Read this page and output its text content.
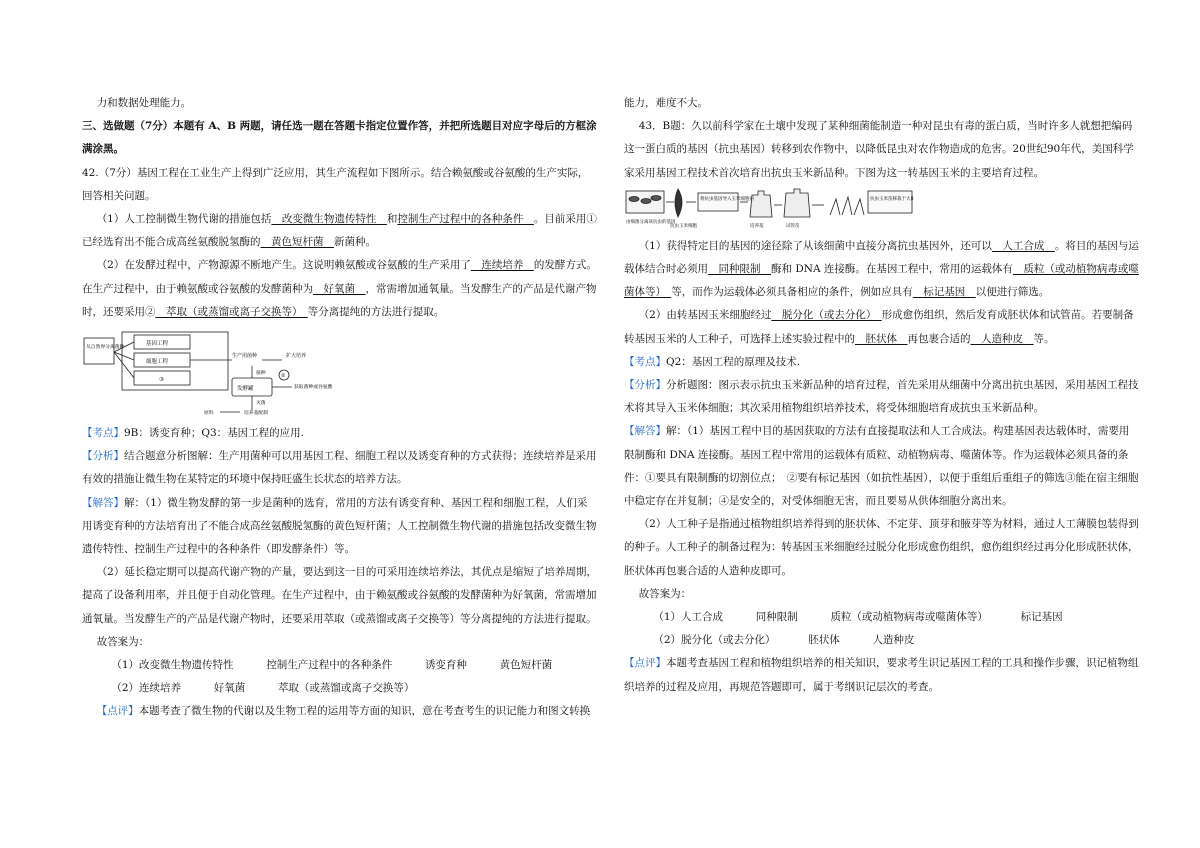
力和数据处理能力。

三、选做题（7分）本题有 A、B 两题，请任选一题在答题卡指定位置作答，并把所选题目对应字母后的方框涂满涂黑。

42.（7分）基因工程在工业生产上得到广泛应用，其生产流程如下图所示。结合赖氨酸或谷氨酸的生产实际，回答相关问题。

（1）人工控制微生物代谢的措施包括　改变微生物遗传特性　和控制生产过程中的各种条件　。目前采用①已经选育出不能合成高丝氨酸脱氢酶的　黄色短杆菌　新菌种。

（2）在发酵过程中，产物源源不断地产生。这说明赖氨酸或谷氨酸的生产采用了　连续培养　的发酵方式。在生产过程中，由于赖氨酸或谷氨酸的发酵菌种为　好氧菌　，常需增加通氧量。当发酵生产的产品是代谢产物时，还要采用②　萃取（或蒸馏或离子交换等）　等分离提纯的方法进行提取。

从自然界分离菌种
基因工程
细胞工程
③
生产用菌种	扩大培养
接种
发酵罐
②
获取菌种或谷氨酸
灭菌
原料	培养基配制

【考点】9B：诱变育种；Q3：基因工程的应用.

【分析】结合题意分析图解：生产用菌种可以用基因工程、细胞工程以及诱变育种的方式获得；连续培养是采用有效的措施让微生物在某特定的环境中保持旺盛生长状态的培养方法。

【解答】解：（1）微生物发酵的第一步是菌种的选育，常用的方法有诱变育种、基因工程和细胞工程，人们采用诱变育种的方法培育出了不能合成高丝氨酸脱氢酶的黄色短杆菌；人工控制微生物代谢的措施包括改变微生物遗传特性、控制生产过程中的各种条件（即发酵条件）等。

（2）延长稳定期可以提高代谢产物的产量，要达到这一目的可采用连续培养法，其优点是缩短了培养周期，提高了设备利用率，并且便于自动化管理。在生产过程中，由于赖氨酸或谷氨酸的发酵菌种为好氧菌，常需增加通氧量。当发酵生产的产品是代谢产物时，还要采用萃取（或蒸馏或离子交换等）等分离提纯的方法进行提取。

故答案为：

（1）改变微生物遗传特性	控制生产过程中的各种条件	诱变育种	黄色短杆菌

（2）连续培养	好氧菌	萃取（或蒸馏或离子交换等）

【点评】本题考查了微生物的代谢以及生物工程的运用等方面的知识，意在考查考生的识记能力和图文转换

能力，难度不大。

43．B题：久以前科学家在土壤中发现了某种细菌能制造一种对昆虫有毒的蛋白质，当时许多人就想把编码这一蛋白质的基因（抗虫基因）转移到农作物中，以降低昆虫对农作物造成的危害。20世纪90年代，美国科学家采用基因工程技术首次培育出抗虫玉米新品种。下图为这一转基因玉米的主要培育过程。

由细菌分离该抗虫的基因
将抗虫基因导入玉米细胞内
抗虫玉米细胞	培养基	试管苗
抗虫玉米苗移栽于大田

（1）获得特定目的基因的途径除了从该细菌中直接分离抗虫基因外，还可以　人工合成　。将目的基因与运载体结合时必须用　同种限制　酶和 DNA 连接酶。在基因工程中，常用的运载体有　质粒（或动植物病毒或噬菌体等）　等，而作为运载体必须具备相应的条件，例如应具有　标记基因　以便进行筛选。

（2）由转基因玉米细胞经过　脱分化（或去分化）　形成愈伤组织，然后发育成胚状体和试管苗。若要制备转基因玉米的人工种子，可选择上述实验过程中的　胚状体　再包裹合适的　人造种皮　等。

【考点】Q2：基因工程的原理及技术.

【分析】分析题图：图示表示抗虫玉米新品种的培育过程，首先采用从细菌中分离出抗虫基因，采用基因工程技术将其导入玉米体细胞；其次采用植物组织培养技术，将受体细胞培育成抗虫玉米新品种。

【解答】解：（1）基因工程中目的基因获取的方法有直接提取法和人工合成法。构建基因表达载体时，需要用限制酶和 DNA 连接酶。基因工程中常用的运载体有质粒、动植物病毒、噬菌体等。作为运载体必须具备的条件：①要具有限制酶的切割位点；　②要有标记基因（如抗性基因），以便于重组后重组子的筛选③能在宿主细胞中稳定存在并复制；④是安全的，对受体细胞无害，而且要易从供体细胞分离出来。

（2）人工种子是指通过植物组织培养得到的胚状体、不定芽、顶芽和腋芽等为材料，通过人工薄膜包装得到的种子。人工种子的制备过程为：转基因玉米细胞经过脱分化形成愈伤组织，愈伤组织经过再分化形成胚状体，胚状体再包裹合适的人造种皮即可。

故答案为：

（1）人工合成	同种限制	质粒（或动植物病毒或噬菌体等）	标记基因

（2）脱分化（或去分化）	胚状体	人造种皮

【点评】本题考查基因工程和植物组织培养的相关知识，要求考生识记基因工程的工具和操作步骤，识记植物组织培养的过程及应用，再规范答题即可，属于考纲识记层次的考查。
